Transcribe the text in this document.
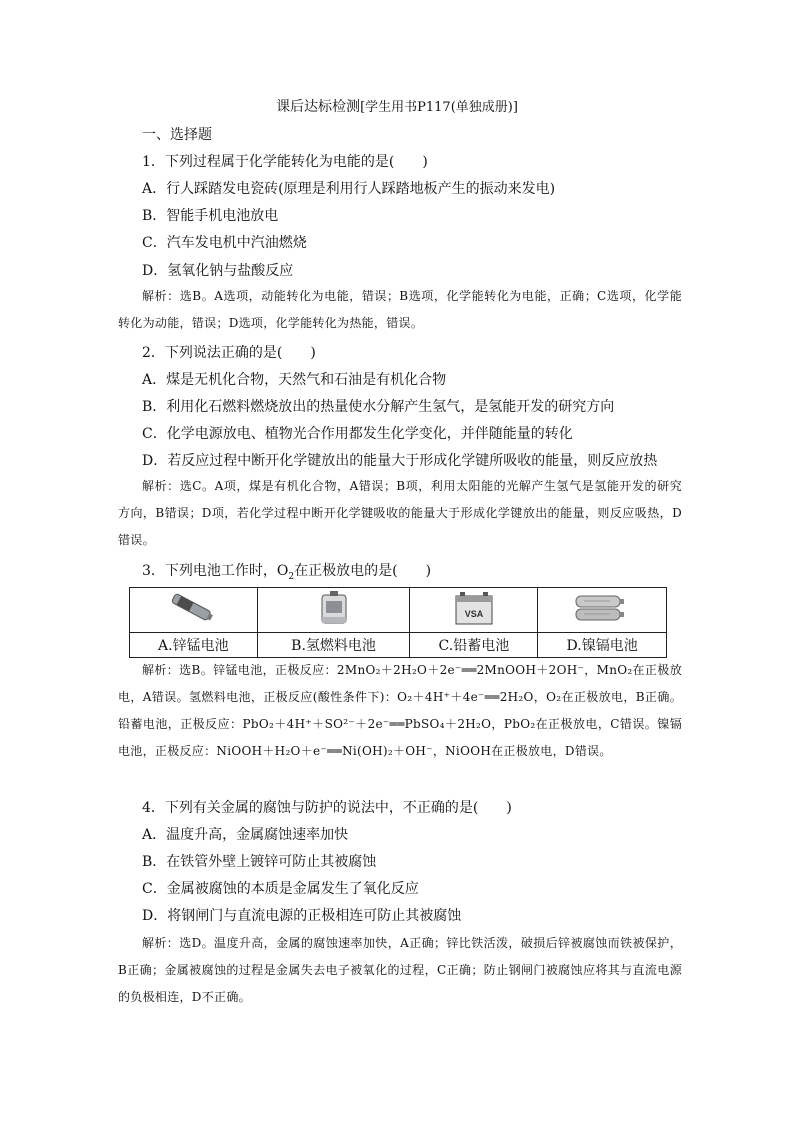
课后达标检测[学生用书P117(单独成册)]
一、选择题
1．下列过程属于化学能转化为电能的是(　　)
A．行人踩踏发电瓷砖(原理是利用行人踩踏地板产生的振动来发电)
B．智能手机电池放电
C．汽车发电机中汽油燃烧
D．氢氧化钠与盐酸反应
解析：选B。A选项，动能转化为电能，错误；B选项，化学能转化为电能，正确；C选项，化学能转化为动能，错误；D选项，化学能转化为热能，错误。
2．下列说法正确的是(　　)
A．煤是无机化合物，天然气和石油是有机化合物
B．利用化石燃料燃烧放出的热量使水分解产生氢气，是氢能开发的研究方向
C．化学电源放电、植物光合作用都发生化学变化，并伴随能量的转化
D．若反应过程中断开化学键放出的能量大于形成化学键所吸收的能量，则反应放热
解析：选C。A项，煤是有机化合物，A错误；B项，利用太阳能的光解产生氢气是氢能开发的研究方向，B错误；D项，若化学过程中断开化学键吸收的能量大于形成化学键放出的能量，则反应吸热，D错误。
3．下列电池工作时，$O_2$在正极放电的是(　　)

VSA

A.锌锰电池	B.氢燃料电池	C.铅蓄电池	D.镍镉电池
解析：选B。锌锰电池，正极反应：2MnO₂＋2H₂O＋2e⁻══2MnOOH＋2OH⁻，MnO₂在正极放电，A错误。氢燃料电池，正极反应(酸性条件下)：O₂＋4H⁺＋4e⁻══2H₂O，O₂在正极放电，B正确。铅蓄电池，正极反应：PbO₂＋4H⁺＋SO²⁻＋2e⁻══PbSO₄＋2H₂O，PbO₂在正极放电，C错误。镍镉电池，正极反应：NiOOH＋H₂O＋e⁻══Ni(OH)₂＋OH⁻，NiOOH在正极放电，D错误。
4．下列有关金属的腐蚀与防护的说法中，不正确的是(　　)
A．温度升高，金属腐蚀速率加快
B．在铁管外壁上镀锌可防止其被腐蚀
C．金属被腐蚀的本质是金属发生了氧化反应
D．将钢闸门与直流电源的正极相连可防止其被腐蚀
解析：选D。温度升高，金属的腐蚀速率加快，A正确；锌比铁活泼，破损后锌被腐蚀而铁被保护，B正确；金属被腐蚀的过程是金属失去电子被氧化的过程，C正确；防止钢闸门被腐蚀应将其与直流电源的负极相连，D不正确。
